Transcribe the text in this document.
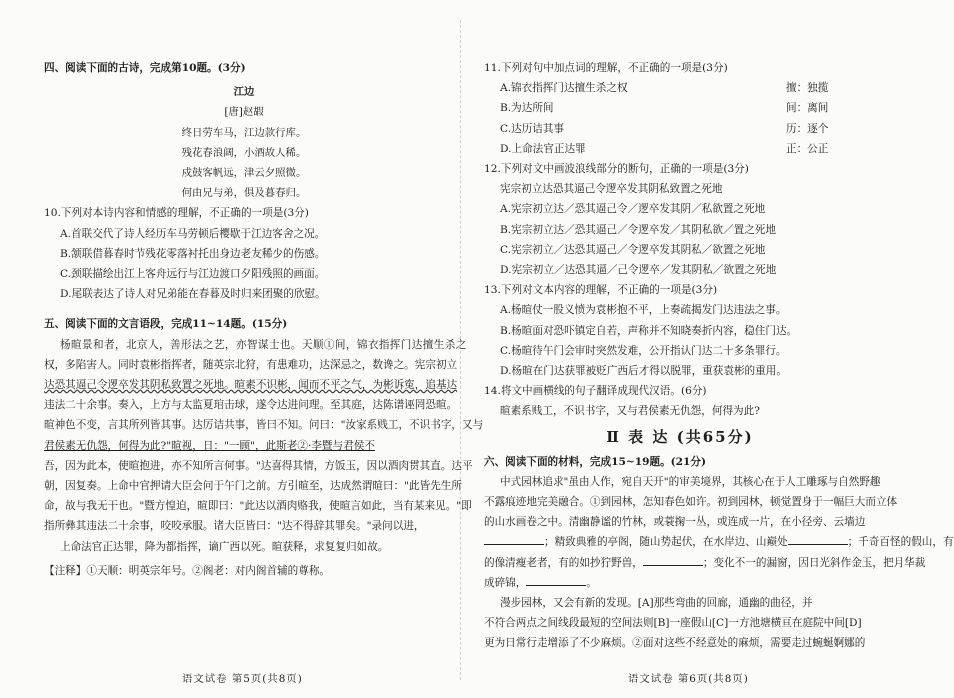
四、阅读下面的古诗，完成第10题。(3分)
江边
[唐]赵嘏
终日劳车马，江边款行库。
残花春浪阔，小酒故人稀。
戍鼓客帆远，津云夕照微。
何由兄与弟，俱及暮春归。
10.下列对本诗内容和情感的理解，不正确的一项是(3分)
A.首联交代了诗人经历车马劳顿后樱歇于江边客舍之况。
B.颔联借暮春时节残花零落衬托出身边老友稀少的伤感。
C.颈联描绘出江上客舟远行与江边渡口夕阳残照的画面。
D.尾联表达了诗人对兄弟能在春暮及时归来团聚的欣慰。
五、阅读下面的文言语段，完成11~14题。(15分)
杨暄景和者，北京人，善形法之艺，亦智谋士也。天顺①间，锦衣指挥门达擅生杀之
权，多陷害人。同时袁彬指挥者，随英宗北狩，有患难功，达深忌之，数谗之。宪宗初立
达恐其逼己令逻卒发其阴私致置之死地。暄素不识彬，闻而不平之气，为彬诉寃，追基达
违法二十余事。奏入，上方与太监夏琯击球，遂令达进问理。至其庭，达陈谱诬罔恐暄。
暄神色不变，言其所列皆其事。达厉诘共事，皆曰不知。问曰："汝家系贱工，不识书字，又与
君侯素无仇怨，何得为此?"暄视，日："一顾"，此斯老②·李暨与君侯不
吾，因为此本，使暄抱进，亦不知所言何事。"达喜得其情，方饭玉，因以酒肉贯其直。达平
朝，因复奏。上命中官押请大臣会问于午门之前。方引暄至，达成然谓暄曰："此皆先生所
命，故与我无干也。"暨方惶迫，暄即曰："此达以酒肉赂我，使暄言如此，当有某来见。"即
指所彝其违法二十余事，咬咬承服。诸大臣皆曰："达不得辞其罪矣。"录问以进，
上命法官正达罪，降为都指挥，谪广西以死。暄获释，求复复归如故。
【注释】①天顺：明英宗年号。②阁老：对内阁首辅的尊称。
语文试卷 第5页(共8页)
11.下列对句中加点词的理解，不正确的一项是(3分)
A.锦衣指挥门达擅生杀之权	擅：独揽
B.为达所间	间：离间
C.达历诘其事	历：逐个
D.上命法官正达罪	正：公正
12.下列对文中画波浪线部分的断句，正确的一项是(3分)
宪宗初立达恐其逼己令逻卒发其阴私致置之死地
A.宪宗初立达／恐其逼己令／逻卒发其阴／私欲置之死地
B.宪宗初立达／恐其逼己／令逻卒发／其阴私欲／置之死地
C.宪宗初立／达恐其逼己／令逻卒发其阴私／欲置之死地
D.宪宗初立／达恐其逼／己令逻卒／发其阴私／欲置之死地
13.下列对文本内容的理解，不正确的一项是(3分)
A.杨暄仗一股义愤为袁彬抱不平，上奏疏揭发门达违法之事。
B.杨暄面对恐吓镇定自若，声称并不知晓奏折内容，稳住门达。
C.杨暄待午门会审时突然发难，公开指认门达二十多条罪行。
D.杨暄在门达获罪被贬广西后才得以脱罪，重获袁彬的重用。
14.将文中画横线的句子翻译成现代汉语。(6分)
暄素系贱工，不识书字，又与君侯素无仇怨，何得为此?
Ⅱ 表 达 (共65分)
六、阅读下面的材料，完成15~19题。(21分)
中式园林追求"虽由人作，宛自天开"的审美境界，其核心在于人工雕琢与自然野趣
不露痕迹地完美融合。①到园林，怎知春色如许。初到园林，顿觉置身于一幅巨大而立体
的山水画卷之中。清幽静谧的竹林，或蓑掬一丛，或连成一片，在小径旁、云墙边
；精致典雅的亭阁，随山势起伏，在水岸边、山巅处	；千奇百怪的假山，有
的像清瘦老者，有的如抄狞野兽，	；变化不一的漏窗，因日光斜作金玉，把月华裁
成碎锦，	。
漫步园林，又会有新的发现。[A]那些弯曲的回廊，通幽的曲径，并
不符合两点之间线段最短的空间法则[B]一座假山[C]一方池塘横亘在庭院中间[D]
更为日常行走增添了不少麻烦。②面对这些不经意处的麻烦，需要走过蜿蜒婀娜的
语文试卷 第6页(共8页)
